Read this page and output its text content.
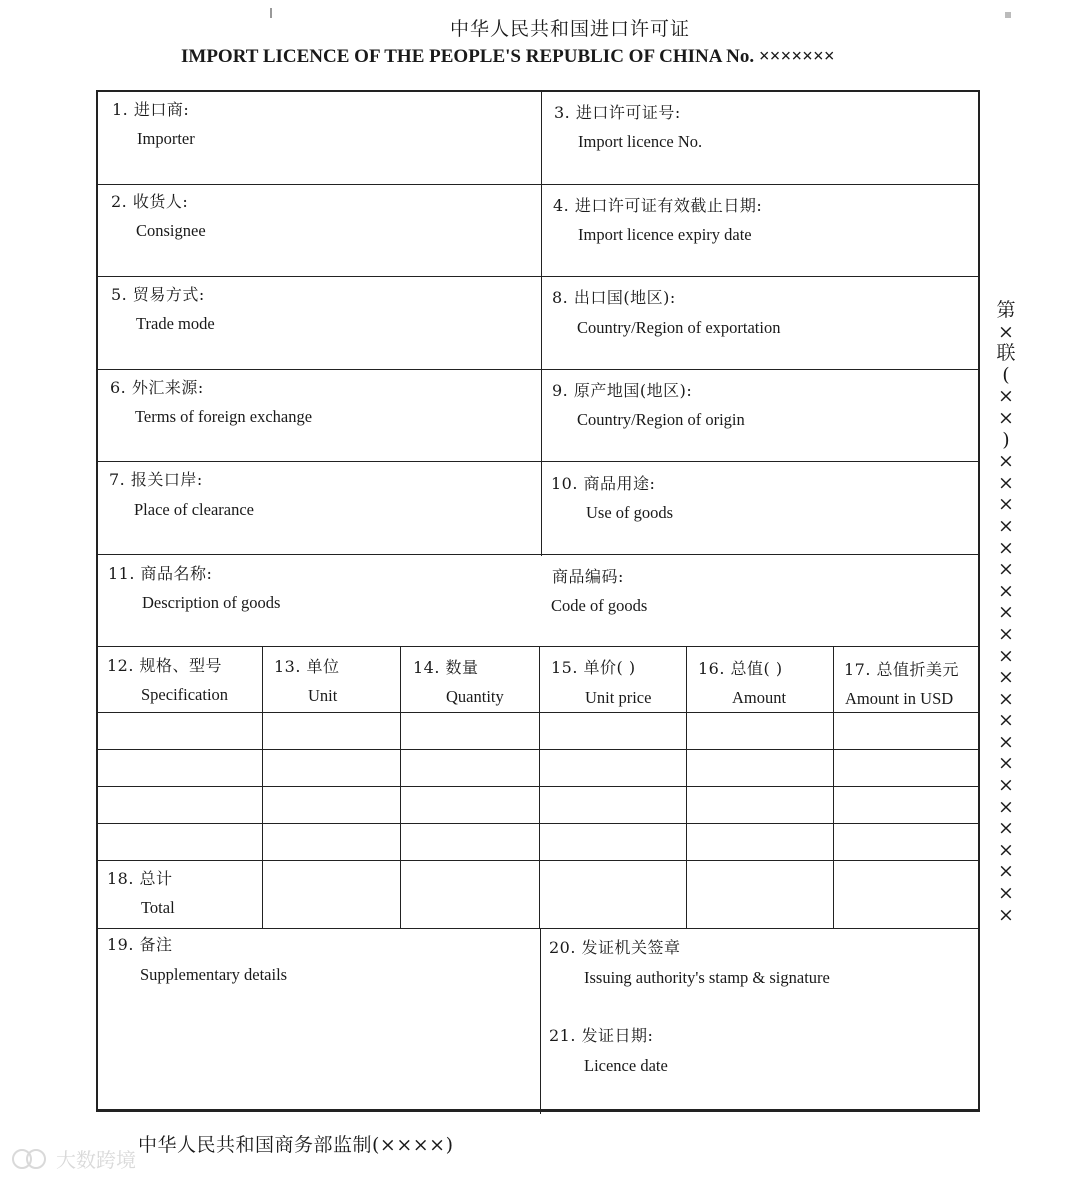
中华人民共和国进口许可证
IMPORT LICENCE OF THE PEOPLE'S REPUBLIC OF CHINA No. ×××××××
1. 进口商:
Importer
3. 进口许可证号:
Import licence No.
2. 收货人:
Consignee
4. 进口许可证有效截止日期:
Import licence expiry date
5. 贸易方式:
Trade mode
8. 出口国(地区):
Country/Region of exportation
6. 外汇来源:
Terms of foreign exchange
9. 原产地国(地区):
Country/Region of origin
7. 报关口岸:
Place of clearance
10. 商品用途:
Use of goods
11. 商品名称:
Description of goods
商品编码:
Code of goods
12. 规格、型号
Specification
13. 单位
Unit
14. 数量
Quantity
15. 单价( )
Unit price
16. 总值( )
Amount
17. 总值折美元
Amount in USD
18. 总计
Total
19. 备注
Supplementary details
20. 发证机关签章
Issuing authority's stamp & signature
21. 发证日期:
Licence date
第
×
联
(
×
×
)
×
×
×
×
×
×
×
×
×
×
×
×
×
×
×
×
×
×
×
×
×
×
中华人民共和国商务部监制(××××)
大数跨境
